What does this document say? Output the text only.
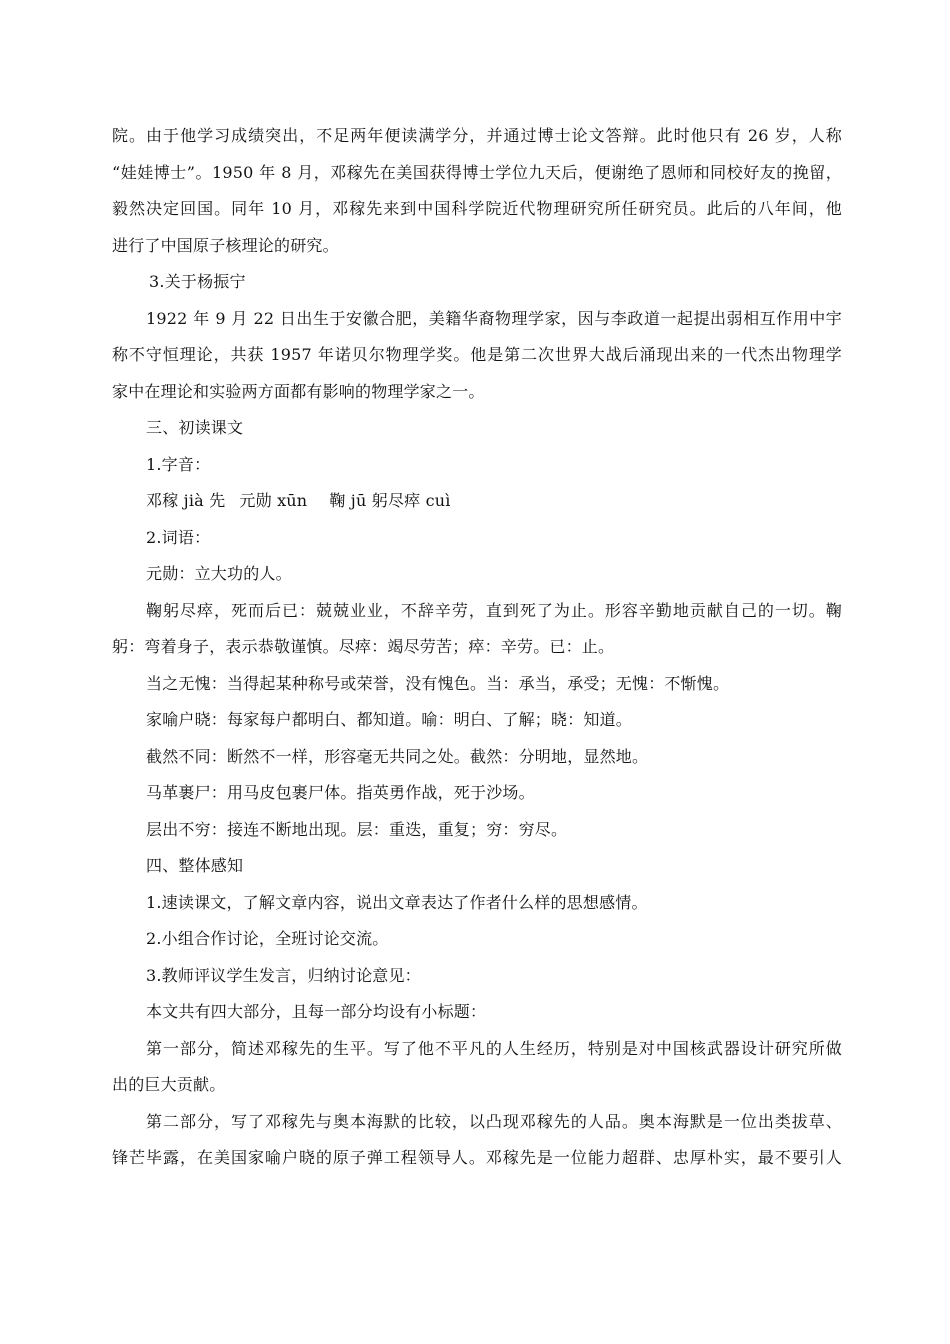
院。由于他学习成绩突出，不足两年便读满学分，并通过博士论文答辩。此时他只有 26 岁，人称
“娃娃博士”。1950 年 8 月，邓稼先在美国获得博士学位九天后，便谢绝了恩师和同校好友的挽留，
毅然决定回国。同年 10 月，邓稼先来到中国科学院近代物理研究所任研究员。此后的八年间，他
进行了中国原子核理论的研究。
3.关于杨振宁
1922 年 9 月 22 日出生于安徽合肥，美籍华裔物理学家，因与李政道一起提出弱相互作用中宇
称不守恒理论，共获 1957 年诺贝尔物理学奖。他是第二次世界大战后涌现出来的一代杰出物理学
家中在理论和实验两方面都有影响的物理学家之一。
三、初读课文
1.字音：
邓稼 jià 先 元勋 xūn 鞠 jū 躬尽瘁 cuì
2.词语：
元勋：立大功的人。
鞠躬尽瘁，死而后已：兢兢业业，不辞辛劳，直到死了为止。形容辛勤地贡献自己的一切。鞠
躬：弯着身子，表示恭敬谨慎。尽瘁：竭尽劳苦；瘁：辛劳。已：止。
当之无愧：当得起某种称号或荣誉，没有愧色。当：承当，承受；无愧：不惭愧。
家喻户晓：每家每户都明白、都知道。喻：明白、了解；晓：知道。
截然不同：断然不一样，形容毫无共同之处。截然：分明地，显然地。
马革裹尸：用马皮包裹尸体。指英勇作战，死于沙场。
层出不穷：接连不断地出现。层：重迭，重复；穷：穷尽。
四、整体感知
1.速读课文，了解文章内容，说出文章表达了作者什么样的思想感情。
2.小组合作讨论，全班讨论交流。
3.教师评议学生发言，归纳讨论意见：
本文共有四大部分，且每一部分均设有小标题：
第一部分，简述邓稼先的生平。写了他不平凡的人生经历，特别是对中国核武器设计研究所做
出的巨大贡献。
第二部分，写了邓稼先与奥本海默的比较，以凸现邓稼先的人品。奥本海默是一位出类拔草、
锋芒毕露，在美国家喻户晓的原子弹工程领导人。邓稼先是一位能力超群、忠厚朴实，最不要引人
